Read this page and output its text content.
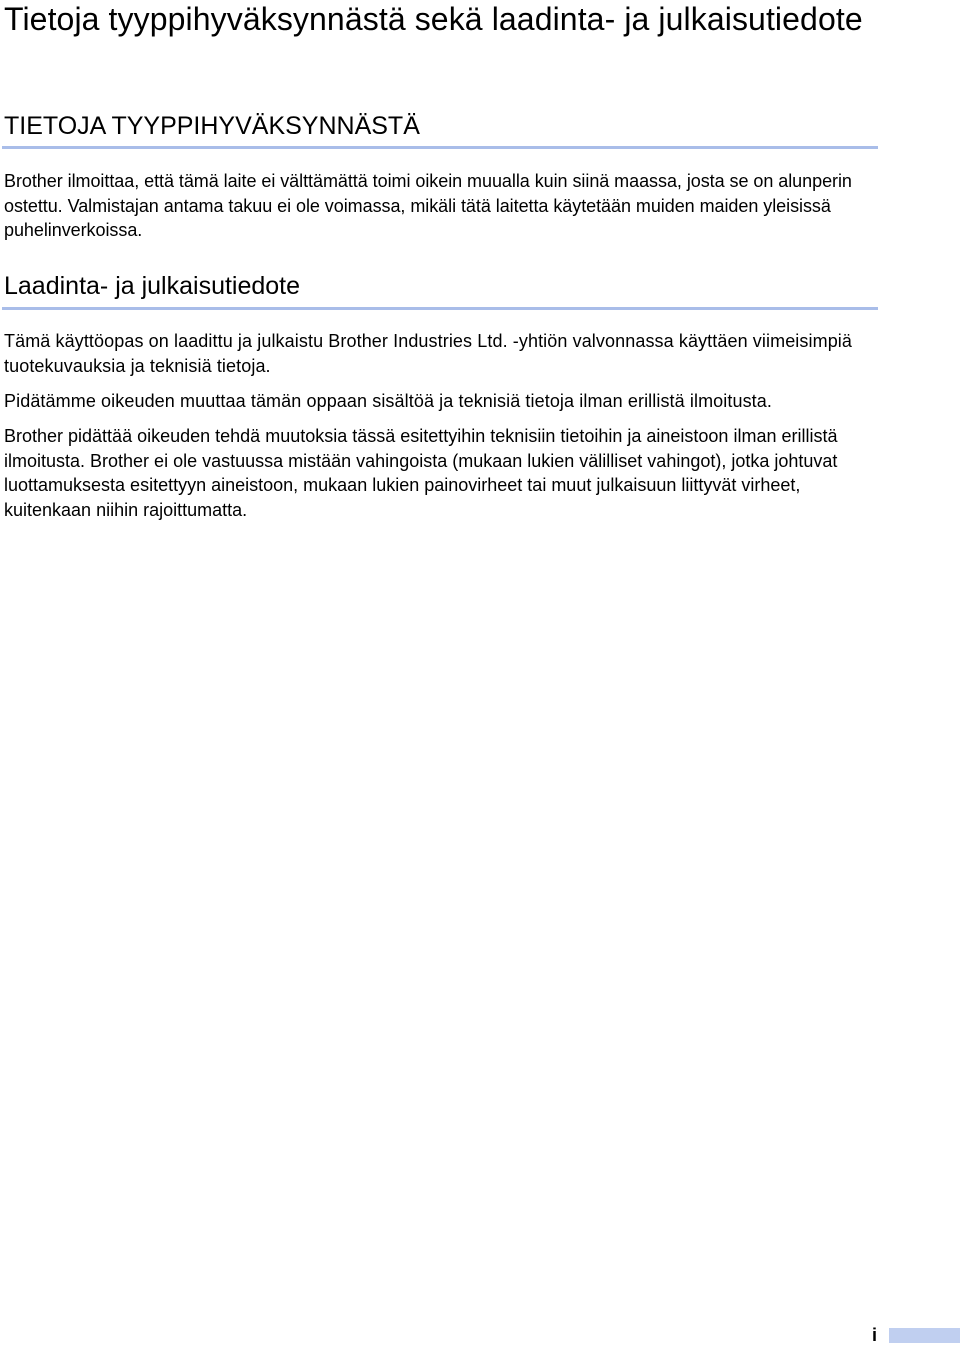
Tietoja tyyppihyväksynnästä sekä laadinta- ja julkaisutiedote
TIETOJA TYYPPIHYVÄKSYNNÄSTÄ

Brother ilmoittaa, että tämä laite ei välttämättä toimi oikein muualla kuin siinä maassa, josta se on alunperin ostettu. Valmistajan antama takuu ei ole voimassa, mikäli tätä laitetta käytetään muiden maiden yleisissä puhelinverkoissa.

Laadinta- ja julkaisutiedote

Tämä käyttöopas on laadittu ja julkaistu Brother Industries Ltd. -yhtiön valvonnassa käyttäen viimeisimpiä tuotekuvauksia ja teknisiä tietoja.

Pidätämme oikeuden muuttaa tämän oppaan sisältöä ja teknisiä tietoja ilman erillistä ilmoitusta.

Brother pidättää oikeuden tehdä muutoksia tässä esitettyihin teknisiin tietoihin ja aineistoon ilman erillistä ilmoitusta. Brother ei ole vastuussa mistään vahingoista (mukaan lukien välilliset vahingot), jotka johtuvat luottamuksesta esitettyyn aineistoon, mukaan lukien painovirheet tai muut julkaisuun liittyvät virheet, kuitenkaan niihin rajoittumatta.

i
